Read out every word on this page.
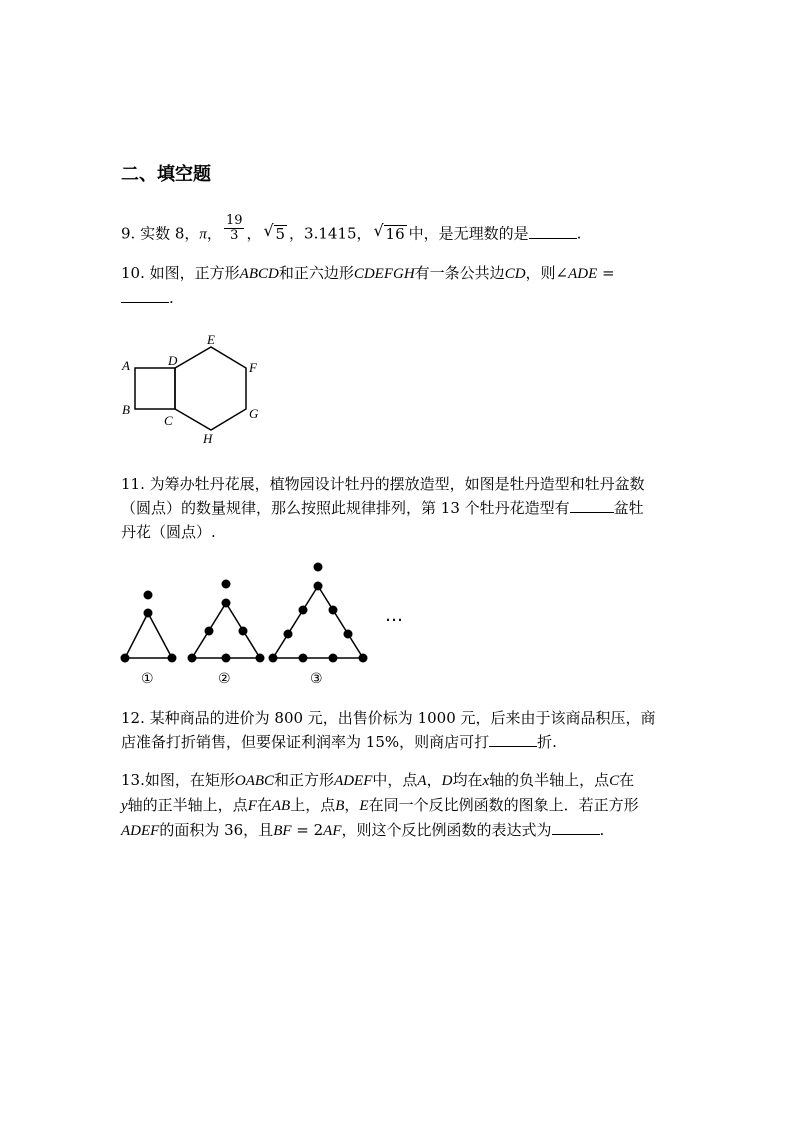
二、填空题
9. 实数 8，π， $\frac{19}{3}$ ， √ 5 ，3.1415， √ 16 中，是无理数的是	.
10. 如图，正方形ABCD和正六边形CDEFGH有一条公共边CD，则∠ADE =
.
A
B
C
D
E
F
G
H
11. 为筹办牡丹花展，植物园设计牡丹的摆放造型，如图是牡丹造型和牡丹盆数
（圆点）的数量规律，那么按照此规律排列，第 13 个牡丹花造型有	盆牡
丹花（圆点）.
①	②	③
…
12. 某种商品的进价为 800 元，出售价标为 1000 元，后来由于该商品积压，商
店准备打折销售，但要保证利润率为 15%，则商店可打	折.
13.如图，在矩形OABC和正方形ADEF中，点A，D均在x轴的负半轴上，点C在
y轴的正半轴上，点F在AB上，点B，E在同一个反比例函数的图象上．若正方形
ADEF的面积为 36，且BF = 2AF，则这个反比例函数的表达式为	.
